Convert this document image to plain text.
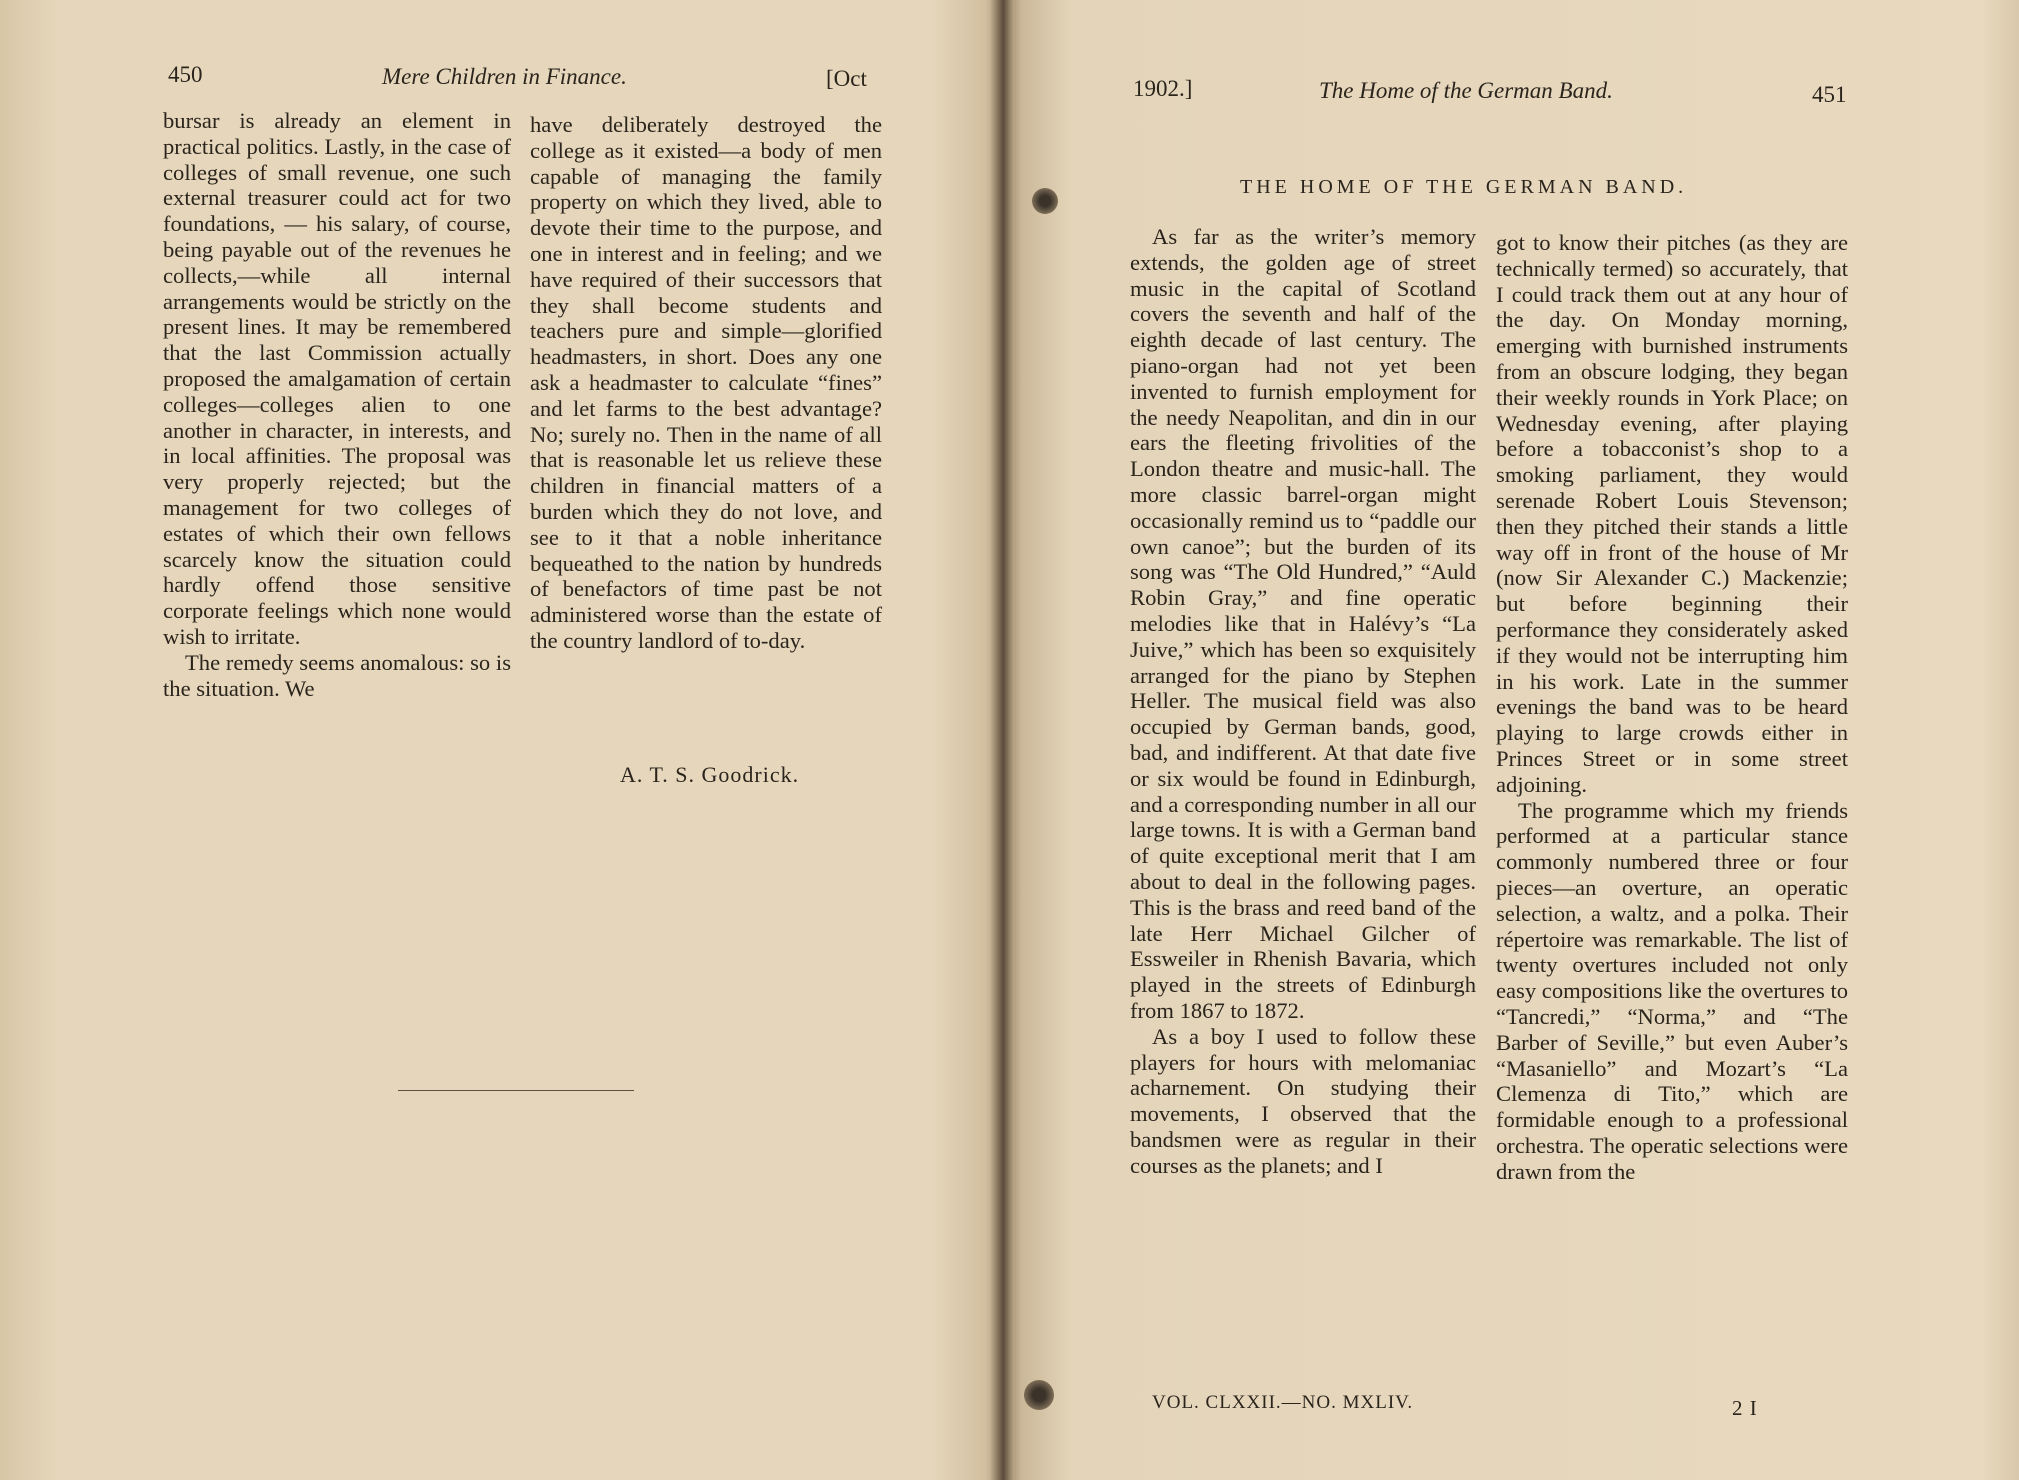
450	Mere Children in Finance.	[Oct

bursar is already an element in practical politics. Lastly, in the case of colleges of small revenue, one such external treasurer could act for two foundations, — his salary, of course, being payable out of the revenues he collects,—while all internal arrangements would be strictly on the present lines. It may be remembered that the last Commission actually proposed the amalgamation of certain colleges—colleges alien to one another in character, in interests, and in local affinities. The proposal was very properly rejected; but the management for two colleges of estates of which their own fellows scarcely know the situation could hardly offend those sensitive corporate feelings which none would wish to irritate.

The remedy seems anomalous: so is the situation. We

have deliberately destroyed the college as it existed—a body of men capable of managing the family property on which they lived, able to devote their time to the purpose, and one in interest and in feeling; and we have required of their successors that they shall become students and teachers pure and simple—glorified headmasters, in short. Does any one ask a headmaster to calculate “fines” and let farms to the best advantage? No; surely no. Then in the name of all that is reasonable let us relieve these children in financial matters of a burden which they do not love, and see to it that a noble inheritance bequeathed to the nation by hundreds of benefactors of time past be not administered worse than the estate of the country landlord of to-day.

A. T. S. Goodrick.
1902.]	The Home of the German Band.	451
THE HOME OF THE GERMAN BAND.

As far as the writer’s memory extends, the golden age of street music in the capital of Scotland covers the seventh and half of the eighth decade of last century. The piano-organ had not yet been invented to furnish employment for the needy Neapolitan, and din in our ears the fleeting frivolities of the London theatre and music-hall. The more classic barrel-organ might occasionally remind us to “paddle our own canoe”; but the burden of its song was “The Old Hundred,” “Auld Robin Gray,” and fine operatic melodies like that in Halévy’s “La Juive,” which has been so exquisitely arranged for the piano by Stephen Heller. The musical field was also occupied by German bands, good, bad, and indifferent. At that date five or six would be found in Edinburgh, and a corresponding number in all our large towns. It is with a German band of quite exceptional merit that I am about to deal in the following pages. This is the brass and reed band of the late Herr Michael Gilcher of Essweiler in Rhenish Bavaria, which played in the streets of Edinburgh from 1867 to 1872.

As a boy I used to follow these players for hours with melomaniac acharnement. On studying their movements, I observed that the bandsmen were as regular in their courses as the planets; and I

got to know their pitches (as they are technically termed) so accurately, that I could track them out at any hour of the day. On Monday morning, emerging with burnished instruments from an obscure lodging, they began their weekly rounds in York Place; on Wednesday evening, after playing before a tobacconist’s shop to a smoking parliament, they would serenade Robert Louis Stevenson; then they pitched their stands a little way off in front of the house of Mr (now Sir Alexander C.) Mackenzie; but before beginning their performance they considerately asked if they would not be interrupting him in his work. Late in the summer evenings the band was to be heard playing to large crowds either in Princes Street or in some street adjoining.

The programme which my friends performed at a particular stance commonly numbered three or four pieces—an overture, an operatic selection, a waltz, and a polka. Their répertoire was remarkable. The list of twenty overtures included not only easy compositions like the overtures to “Tancredi,” “Norma,” and “The Barber of Seville,” but even Auber’s “Masaniello” and Mozart’s “La Clemenza di Tito,” which are formidable enough to a professional orchestra. The operatic selections were drawn from the

VOL. CLXXII.—NO. MXLIV.	2 I
